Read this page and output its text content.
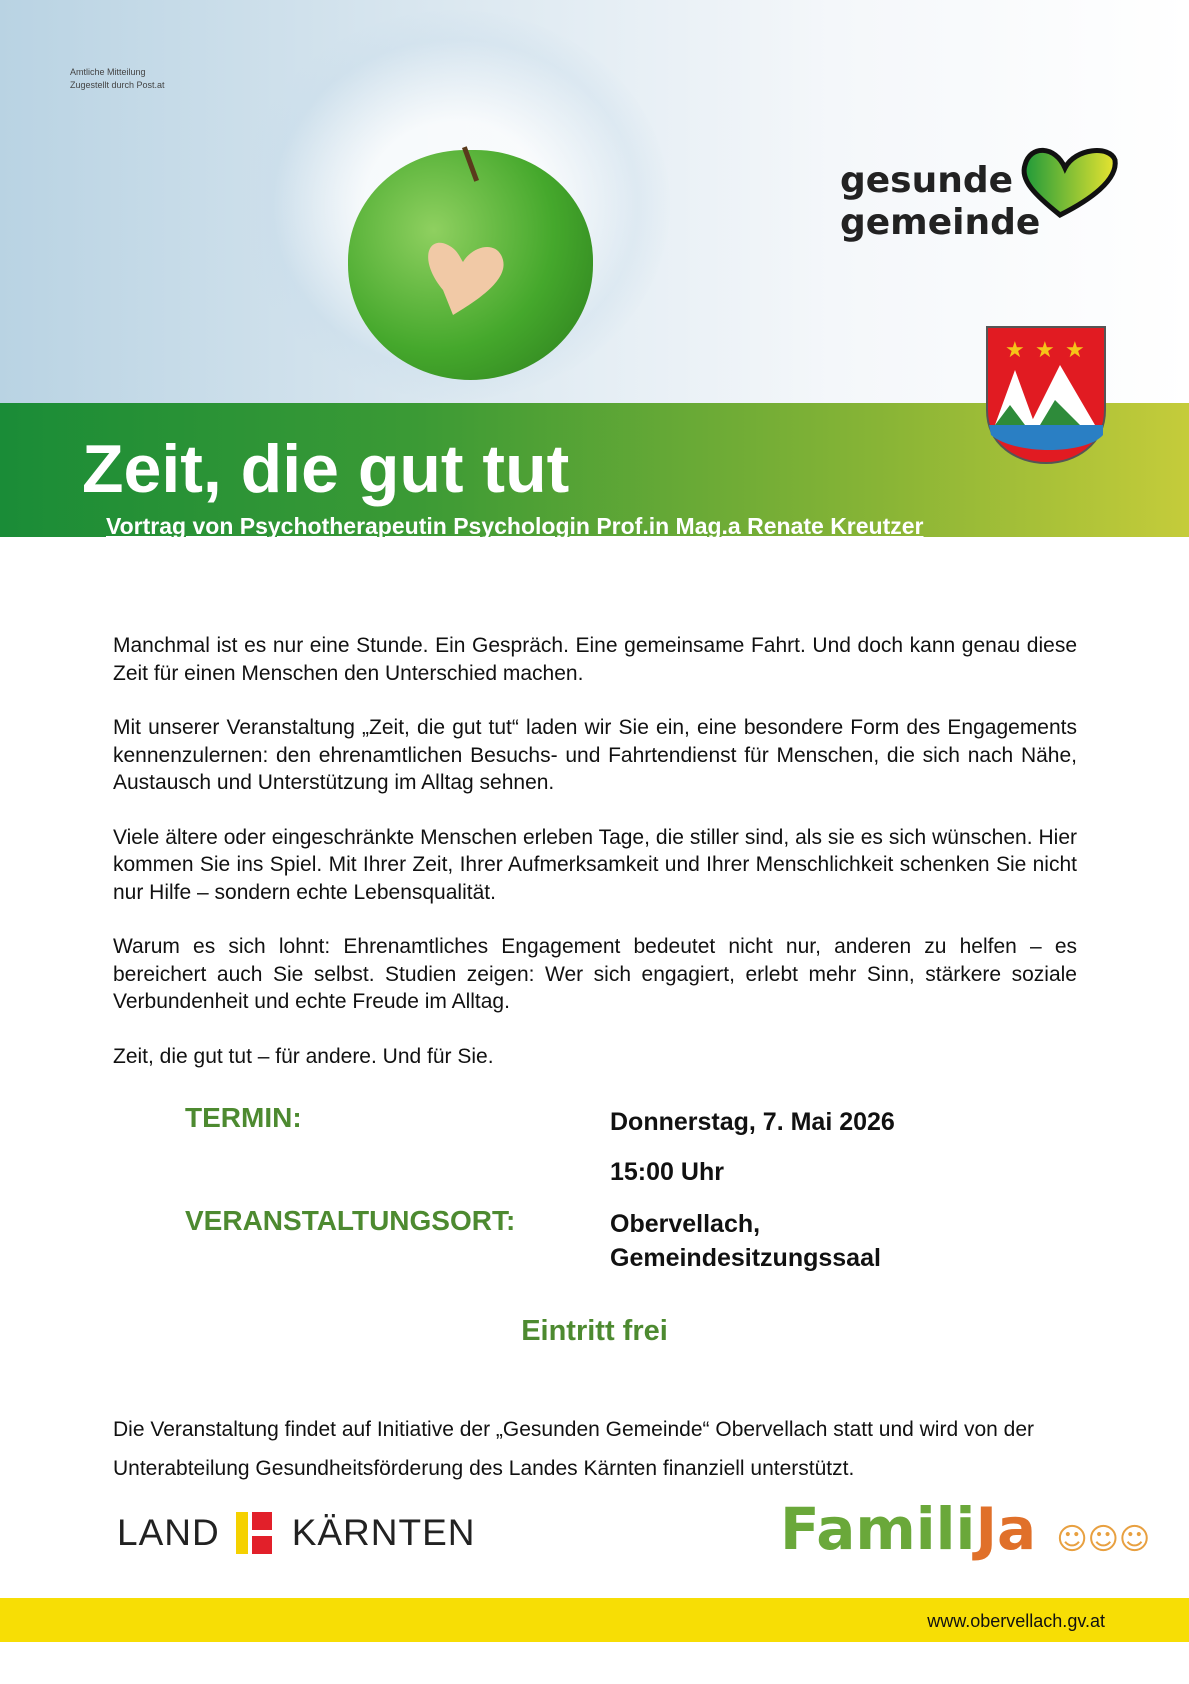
Amtliche Mitteilung
Zugestellt durch Post.at
gesunde
gemeinde
★ ★ ★
Zeit, die gut tut
Vortrag von Psychotherapeutin Psychologin Prof.in Mag.a Renate Kreutzer

Manchmal ist es nur eine Stunde. Ein Gespräch. Eine gemeinsame Fahrt. Und doch kann genau diese Zeit für einen Menschen den Unterschied machen.

Mit unserer Veranstaltung „Zeit, die gut tut“ laden wir Sie ein, eine besondere Form des Engagements kennenzulernen: den ehrenamtlichen Besuchs- und Fahrtendienst für Menschen, die sich nach Nähe, Austausch und Unterstützung im Alltag sehnen.

Viele ältere oder eingeschränkte Menschen erleben Tage, die stiller sind, als sie es sich wünschen. Hier kommen Sie ins Spiel. Mit Ihrer Zeit, Ihrer Aufmerksamkeit und Ihrer Menschlichkeit schenken Sie nicht nur Hilfe – sondern echte Lebensqualität.

Warum es sich lohnt: Ehrenamtliches Engagement bedeutet nicht nur, anderen zu helfen – es bereichert auch Sie selbst. Studien zeigen: Wer sich engagiert, erlebt mehr Sinn, stärkere soziale Verbundenheit und echte Freude im Alltag.

Zeit, die gut tut – für andere. Und für Sie.

TERMIN:	Donnerstag, 7. Mai 2026
15:00 Uhr
VERANSTALTUNGSORT:	Obervellach,
Gemeindesitzungssaal
Eintritt frei
Die Veranstaltung findet auf Initiative der „Gesunden Gemeinde“ Obervellach statt und wird von der Unterabteilung Gesundheitsförderung des Landes Kärnten finanziell unterstützt.
LAND KÄRNTEN	FamiliJa ☺☺☺
www.obervellach.gv.at
